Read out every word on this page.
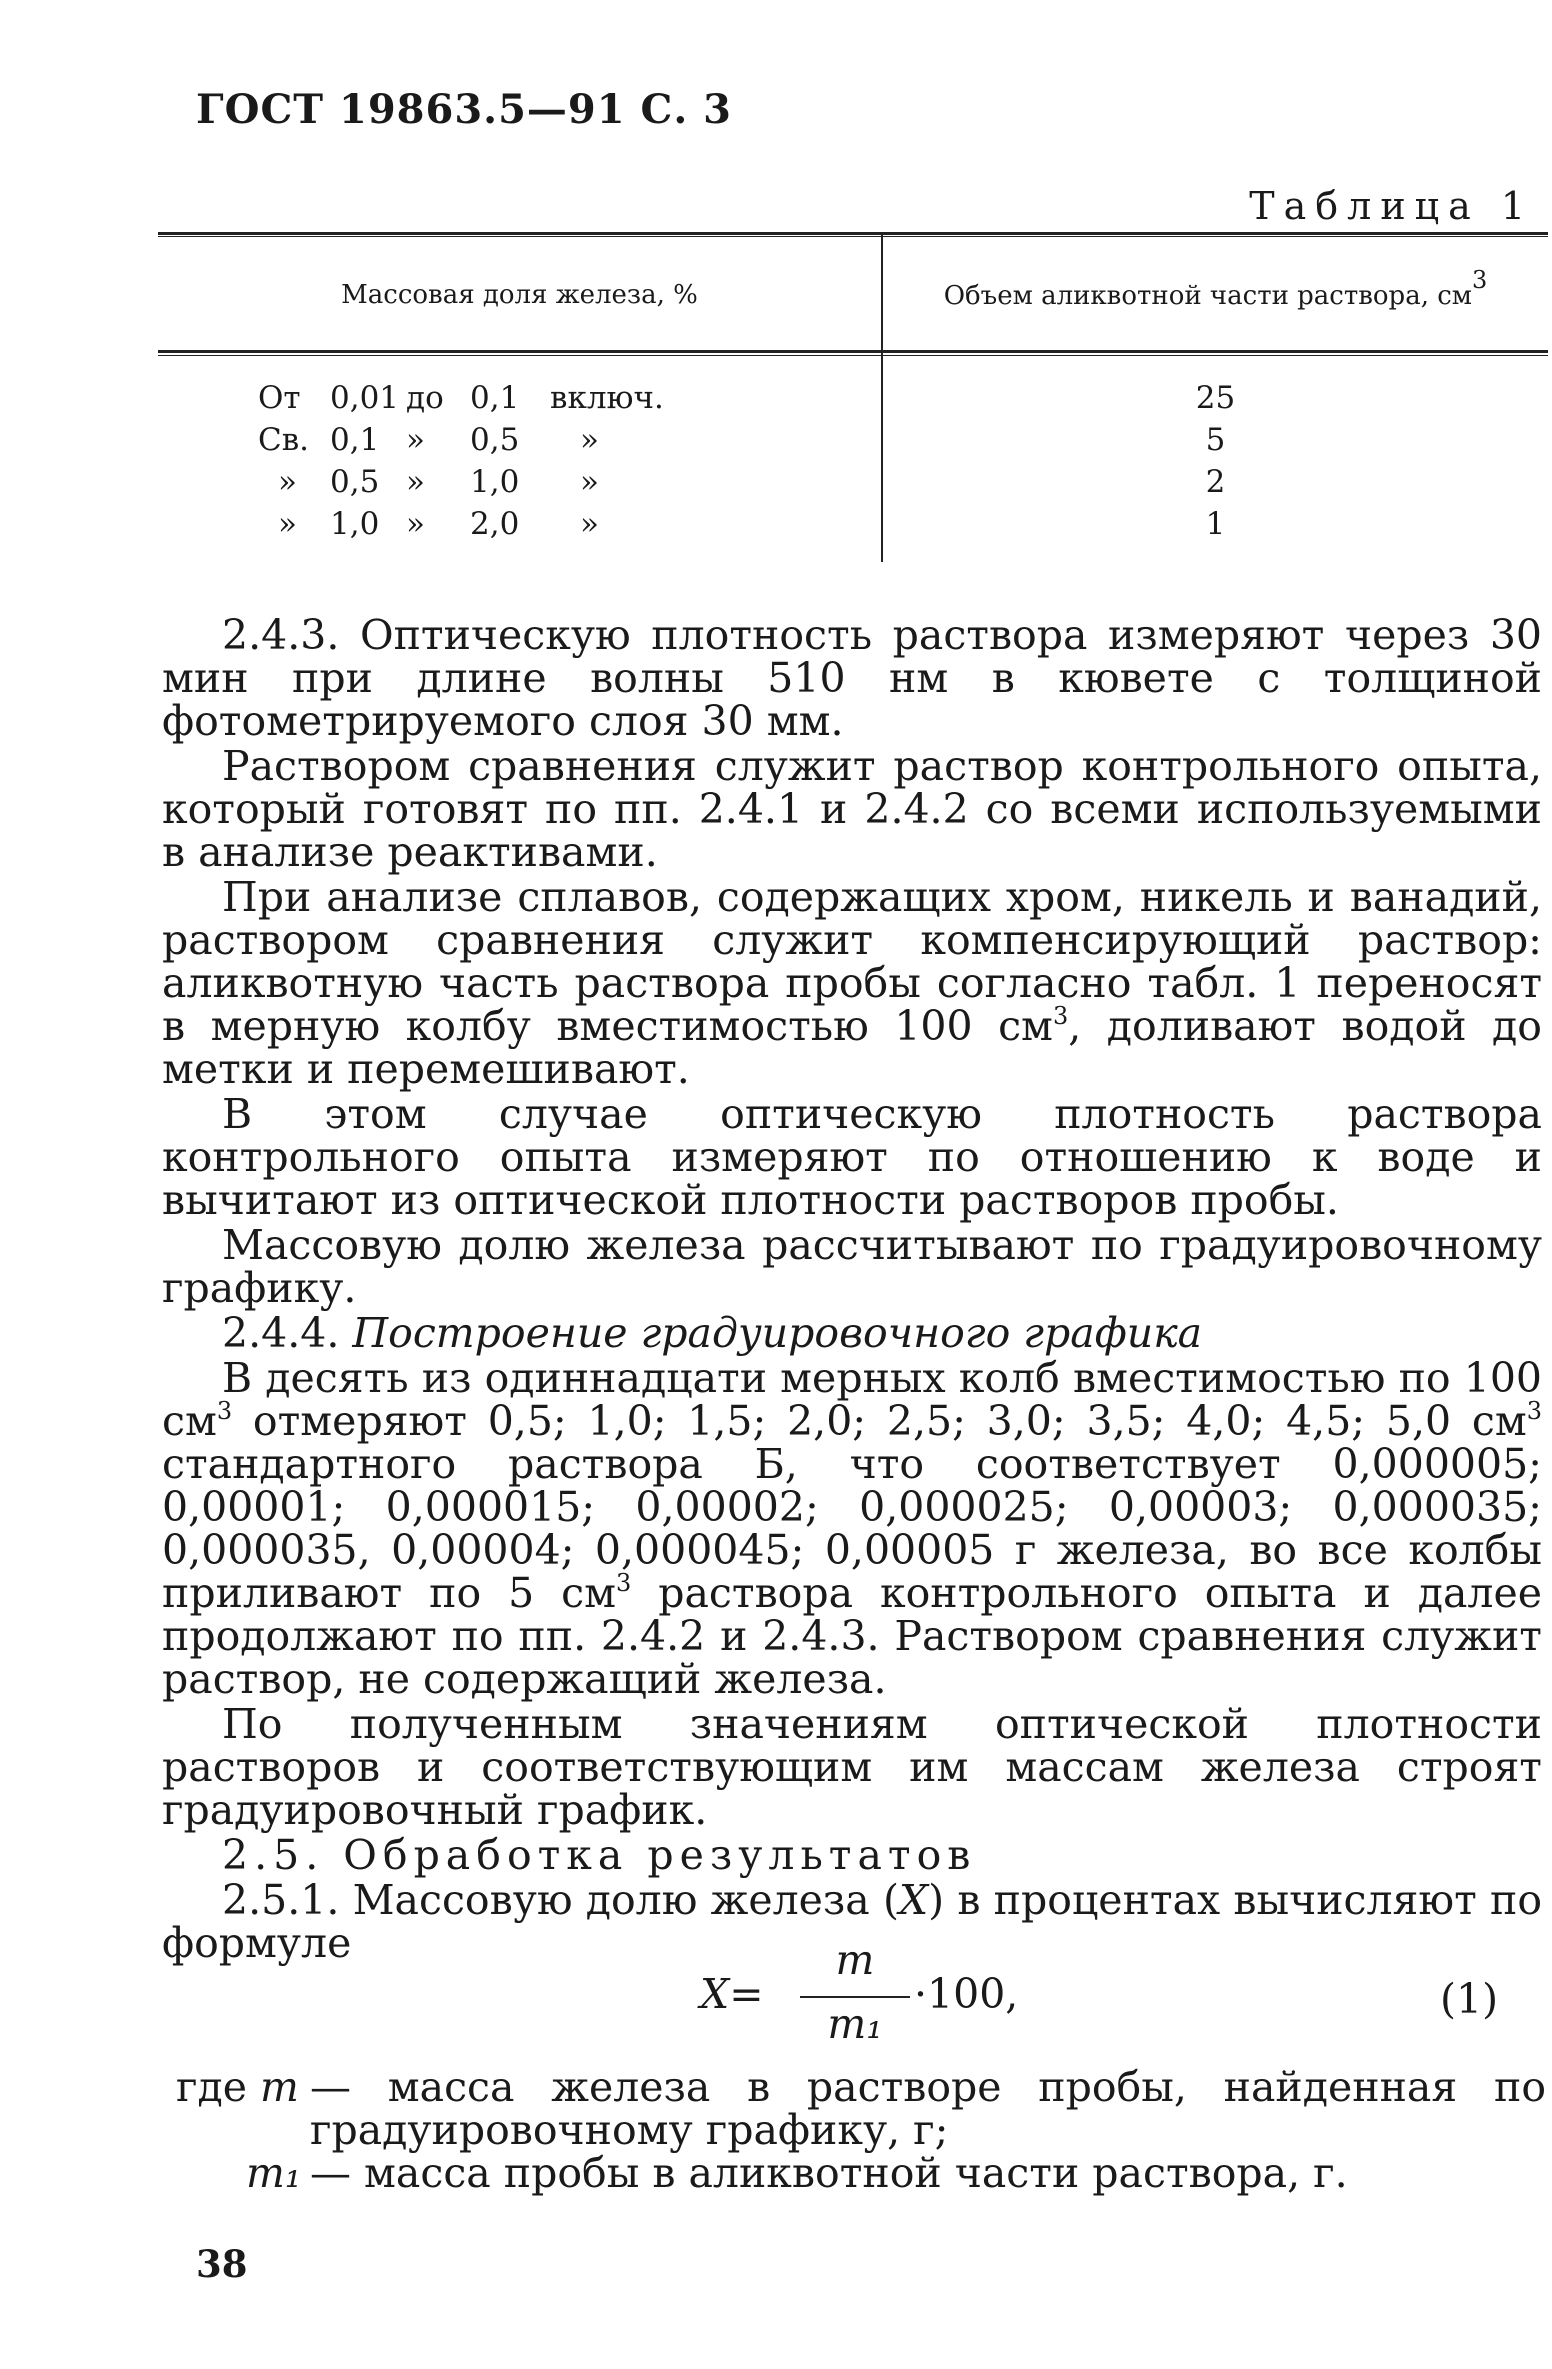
ГОСТ 19863.5—91 С. 3
Таблица 1
Массовая доля железа, %	Объем аликвотной части раствора, $см^3$
От 0,01 до 0,1 включ.
Св. 0,1 » 0,5 »
» 0,5 » 1,0 »
» 1,0 » 2,0 »
25
5
2
1

2.4.3. Оптическую плотность раствора измеряют через 30 мин при длине волны 510 нм в кювете с толщиной фотометрируемого слоя 30 мм.

Раствором сравнения служит раствор контрольного опыта, который готовят по пп. 2.4.1 и 2.4.2 со всеми используемыми в анализе реактивами.

При анализе сплавов, содержащих хром, никель и ванадий, раствором сравнения служит компенсирующий раствор: аликвотную часть раствора пробы согласно табл. 1 переносят в мерную колбу вместимостью 100 $см^3$, доливают водой до метки и перемешивают.

В этом случае оптическую плотность раствора контрольного опыта измеряют по отношению к воде и вычитают из оптической плотности растворов пробы.

Массовую долю железа рассчитывают по градуировочному графику.

2.4.4. Построение градуировочного графика

В десять из одиннадцати мерных колб вместимостью по 100 $см^3$ отмеряют 0,5; 1,0; 1,5; 2,0; 2,5; 3,0; 3,5; 4,0; 4,5; 5,0 $см^3$ стандартного раствора Б, что соответствует 0,000005; 0,00001; 0,000015; 0,00002; 0,000025; 0,00003; 0,000035; 0,000035, 0,00004; 0,000045; 0,00005 г железа, во все колбы приливают по 5 $см^3$ раствора контрольного опыта и далее продолжают по пп. 2.4.2 и 2.4.3. Раствором сравнения служит раствор, не содержащий железа.

По полученным значениям оптической плотности растворов и соответствующим им массам железа строят градуировочный график.

2.5. Обработка результатов

2.5.1. Массовую долю железа (X) в процентах вычисляют по формуле

X=
m
m₁
·100,	(1)
где m — масса железа в растворе пробы, найденная по градуировочному графику, г;
m₁ — масса пробы в аликвотной части раствора, г.
38
